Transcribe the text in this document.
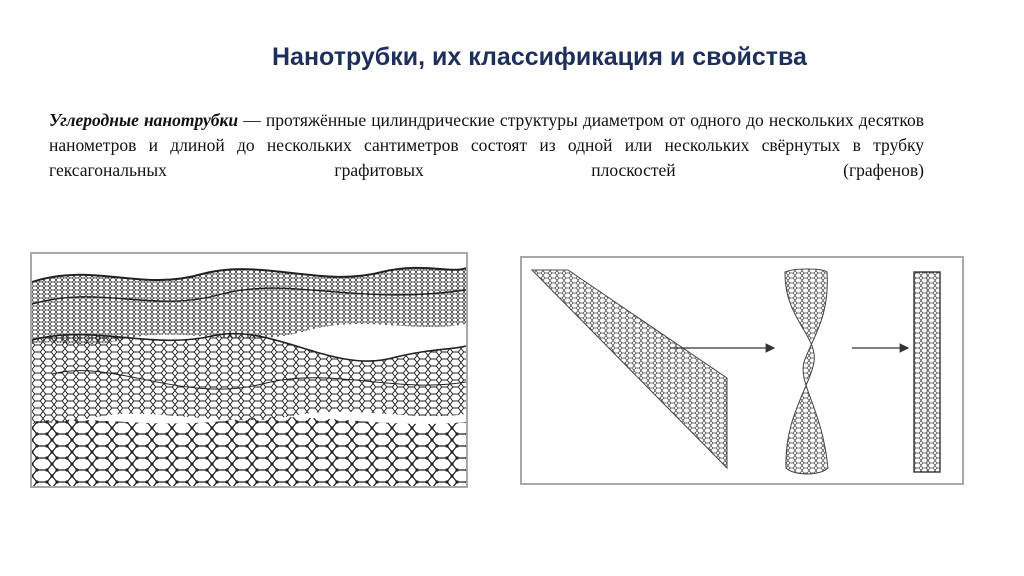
Нанотрубки, их классификация и свойства

Углеродные нанотрубки — протяжённые цилиндрические структуры диаметром от одного до нескольких десятков нанометров и длиной до нескольких сантиметров состоят из одной или нескольких свёрнутых в трубку гексагональных графитовых плоскостей (графенов)
